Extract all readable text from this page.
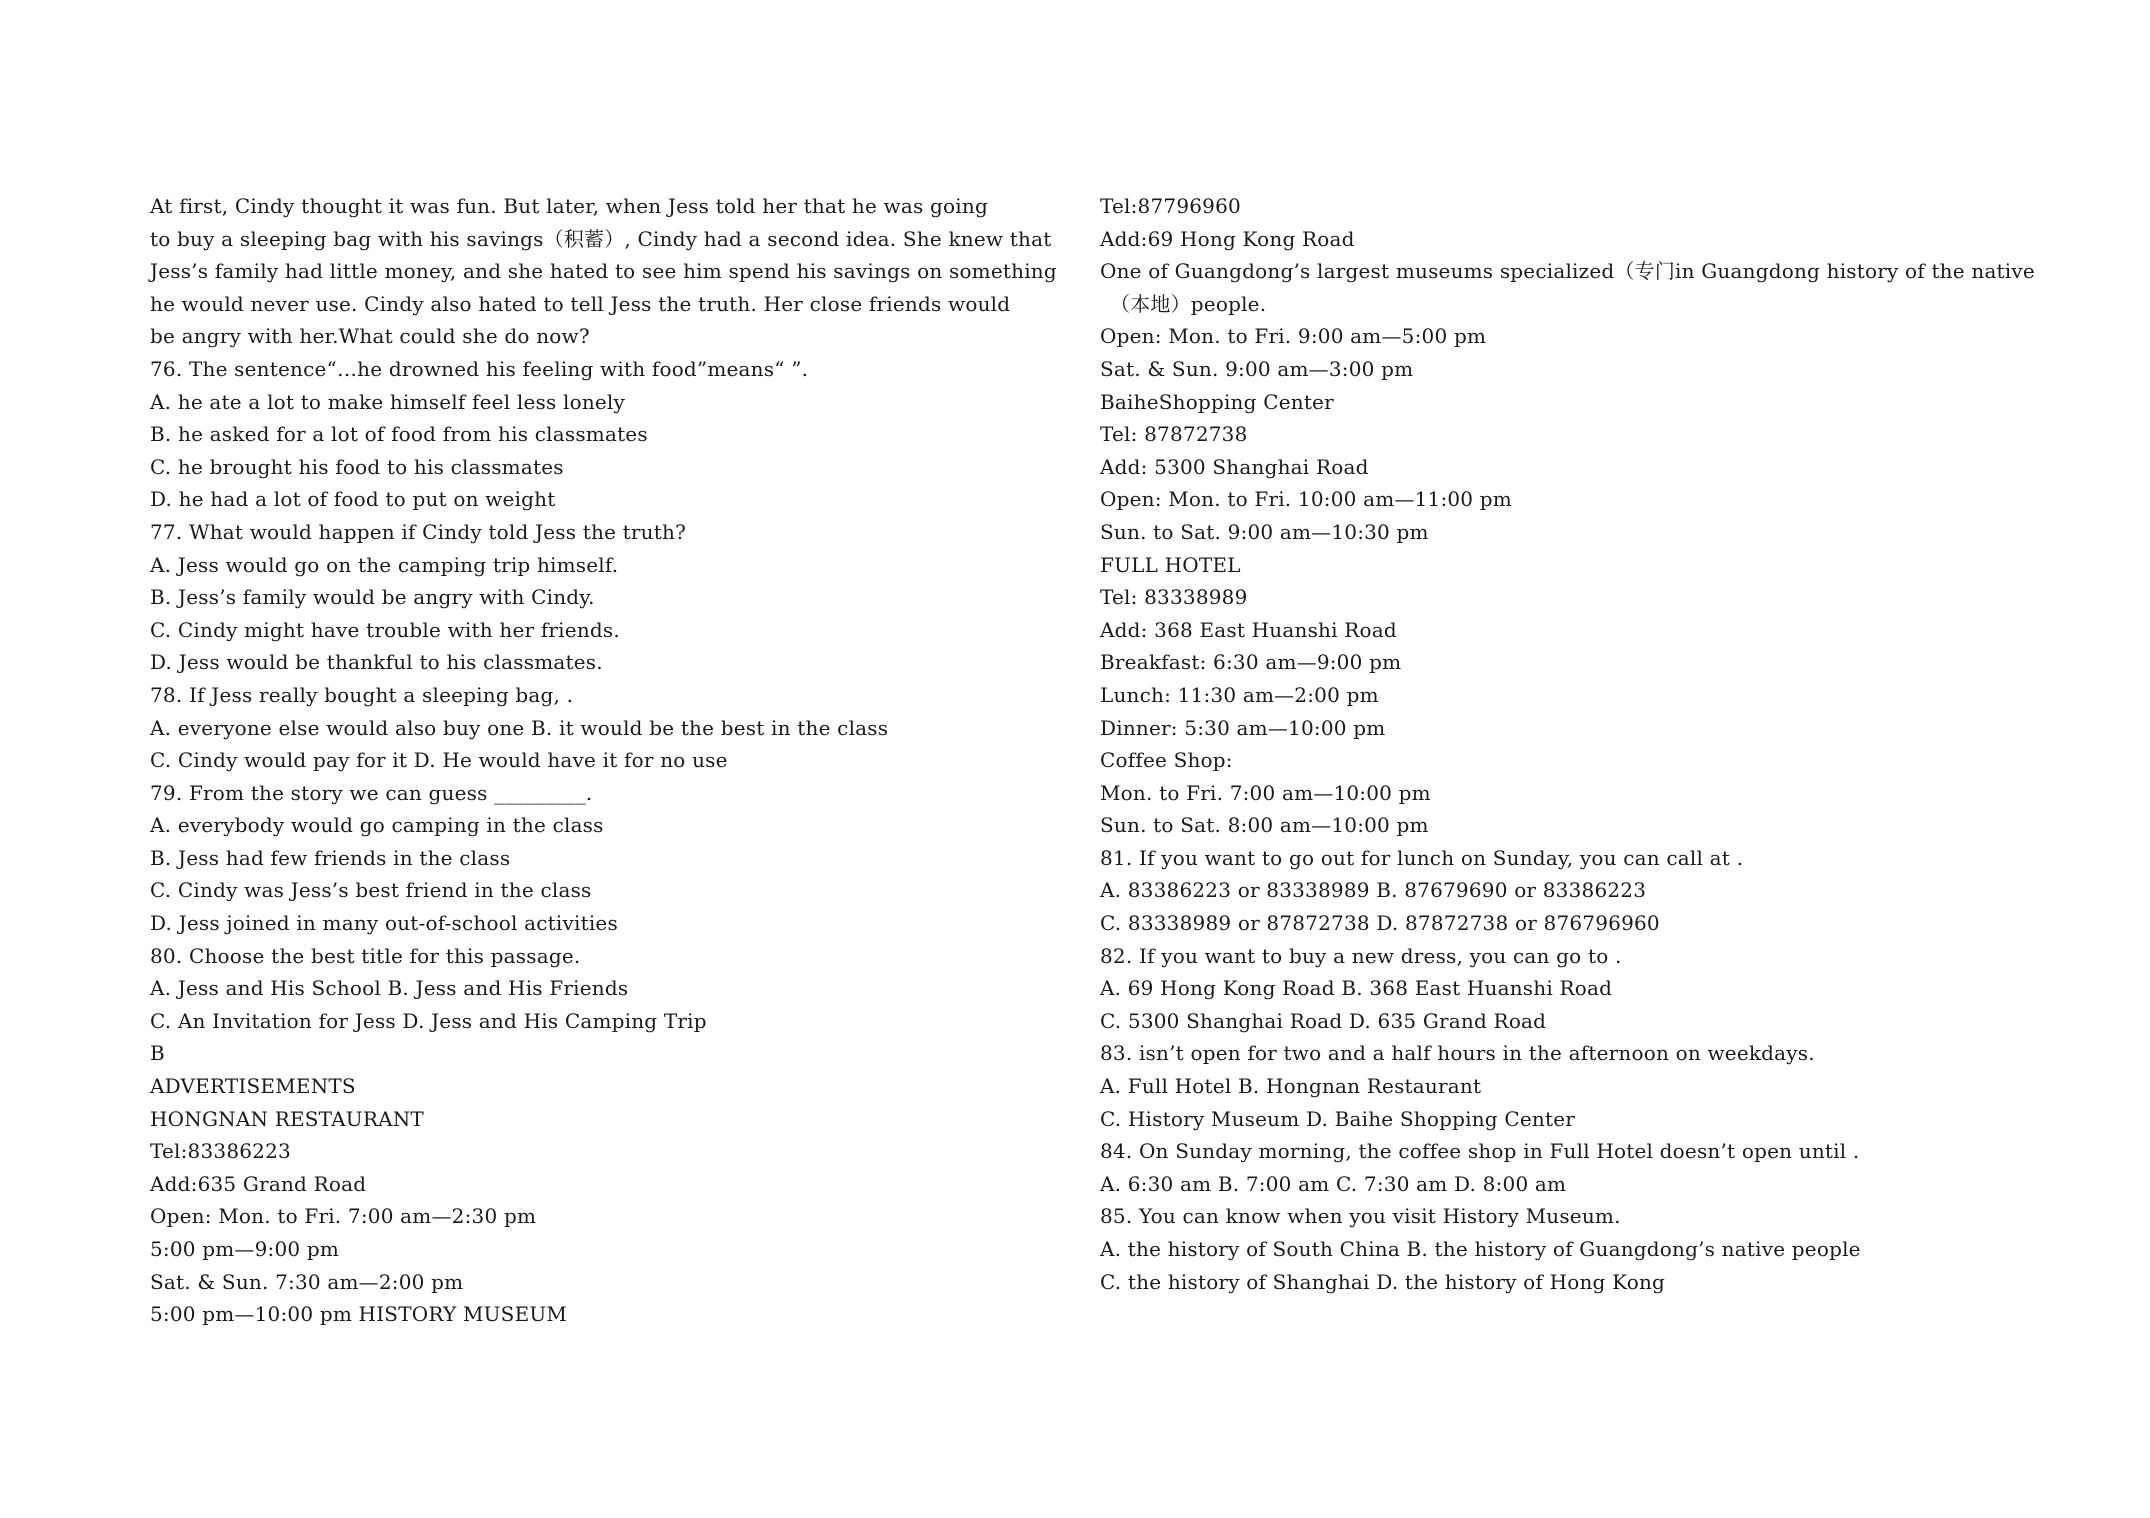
At first, Cindy thought it was fun. But later, when Jess told her that he was going
to buy a sleeping bag with his savings（积蓄）, Cindy had a second idea. She knew that
Jess’s family had little money, and she hated to see him spend his savings on something
he would never use. Cindy also hated to tell Jess the truth. Her close friends would
be angry with her.What could she do now?
76. The sentence“…he drowned his feeling with food”means“ ”.
A. he ate a lot to make himself feel less lonely
B. he asked for a lot of food from his classmates
C. he brought his food to his classmates
D. he had a lot of food to put on weight
77. What would happen if Cindy told Jess the truth?
A. Jess would go on the camping trip himself.
B. Jess’s family would be angry with Cindy.
C. Cindy might have trouble with her friends.
D. Jess would be thankful to his classmates.
78. If Jess really bought a sleeping bag, .
A. everyone else would also buy one B. it would be the best in the class
C. Cindy would pay for it D. He would have it for no use
79. From the story we can guess _________.
A. everybody would go camping in the class
B. Jess had few friends in the class
C. Cindy was Jess’s best friend in the class
D. Jess joined in many out-of-school activities
80. Choose the best title for this passage.
A. Jess and His School B. Jess and His Friends
C. An Invitation for Jess D. Jess and His Camping Trip
B
ADVERTISEMENTS
HONGNAN RESTAURANT
Tel:83386223
Add:635 Grand Road
Open: Mon. to Fri. 7:00 am—2:30 pm
5:00 pm—9:00 pm
Sat. & Sun. 7:30 am—2:00 pm
5:00 pm—10:00 pm HISTORY MUSEUM
Tel:87796960
Add:69 Hong Kong Road
One of Guangdong’s largest museums specialized（专门in Guangdong history of the native
（本地）people.
Open: Mon. to Fri. 9:00 am—5:00 pm
Sat. & Sun. 9:00 am—3:00 pm
BaiheShopping Center
Tel: 87872738
Add: 5300 Shanghai Road
Open: Mon. to Fri. 10:00 am—11:00 pm
Sun. to Sat. 9:00 am—10:30 pm
FULL HOTEL
Tel: 83338989
Add: 368 East Huanshi Road
Breakfast: 6:30 am—9:00 pm
Lunch: 11:30 am—2:00 pm
Dinner: 5:30 am—10:00 pm
Coffee Shop:
Mon. to Fri. 7:00 am—10:00 pm
Sun. to Sat. 8:00 am—10:00 pm
81. If you want to go out for lunch on Sunday, you can call at .
A. 83386223 or 83338989 B. 87679690 or 83386223
C. 83338989 or 87872738 D. 87872738 or 876796960
82. If you want to buy a new dress, you can go to .
A. 69 Hong Kong Road B. 368 East Huanshi Road
C. 5300 Shanghai Road D. 635 Grand Road
83. isn’t open for two and a half hours in the afternoon on weekdays.
A. Full Hotel B. Hongnan Restaurant
C. History Museum D. Baihe Shopping Center
84. On Sunday morning, the coffee shop in Full Hotel doesn’t open until .
A. 6:30 am B. 7:00 am C. 7:30 am D. 8:00 am
85. You can know when you visit History Museum.
A. the history of South China B. the history of Guangdong’s native people
C. the history of Shanghai D. the history of Hong Kong
